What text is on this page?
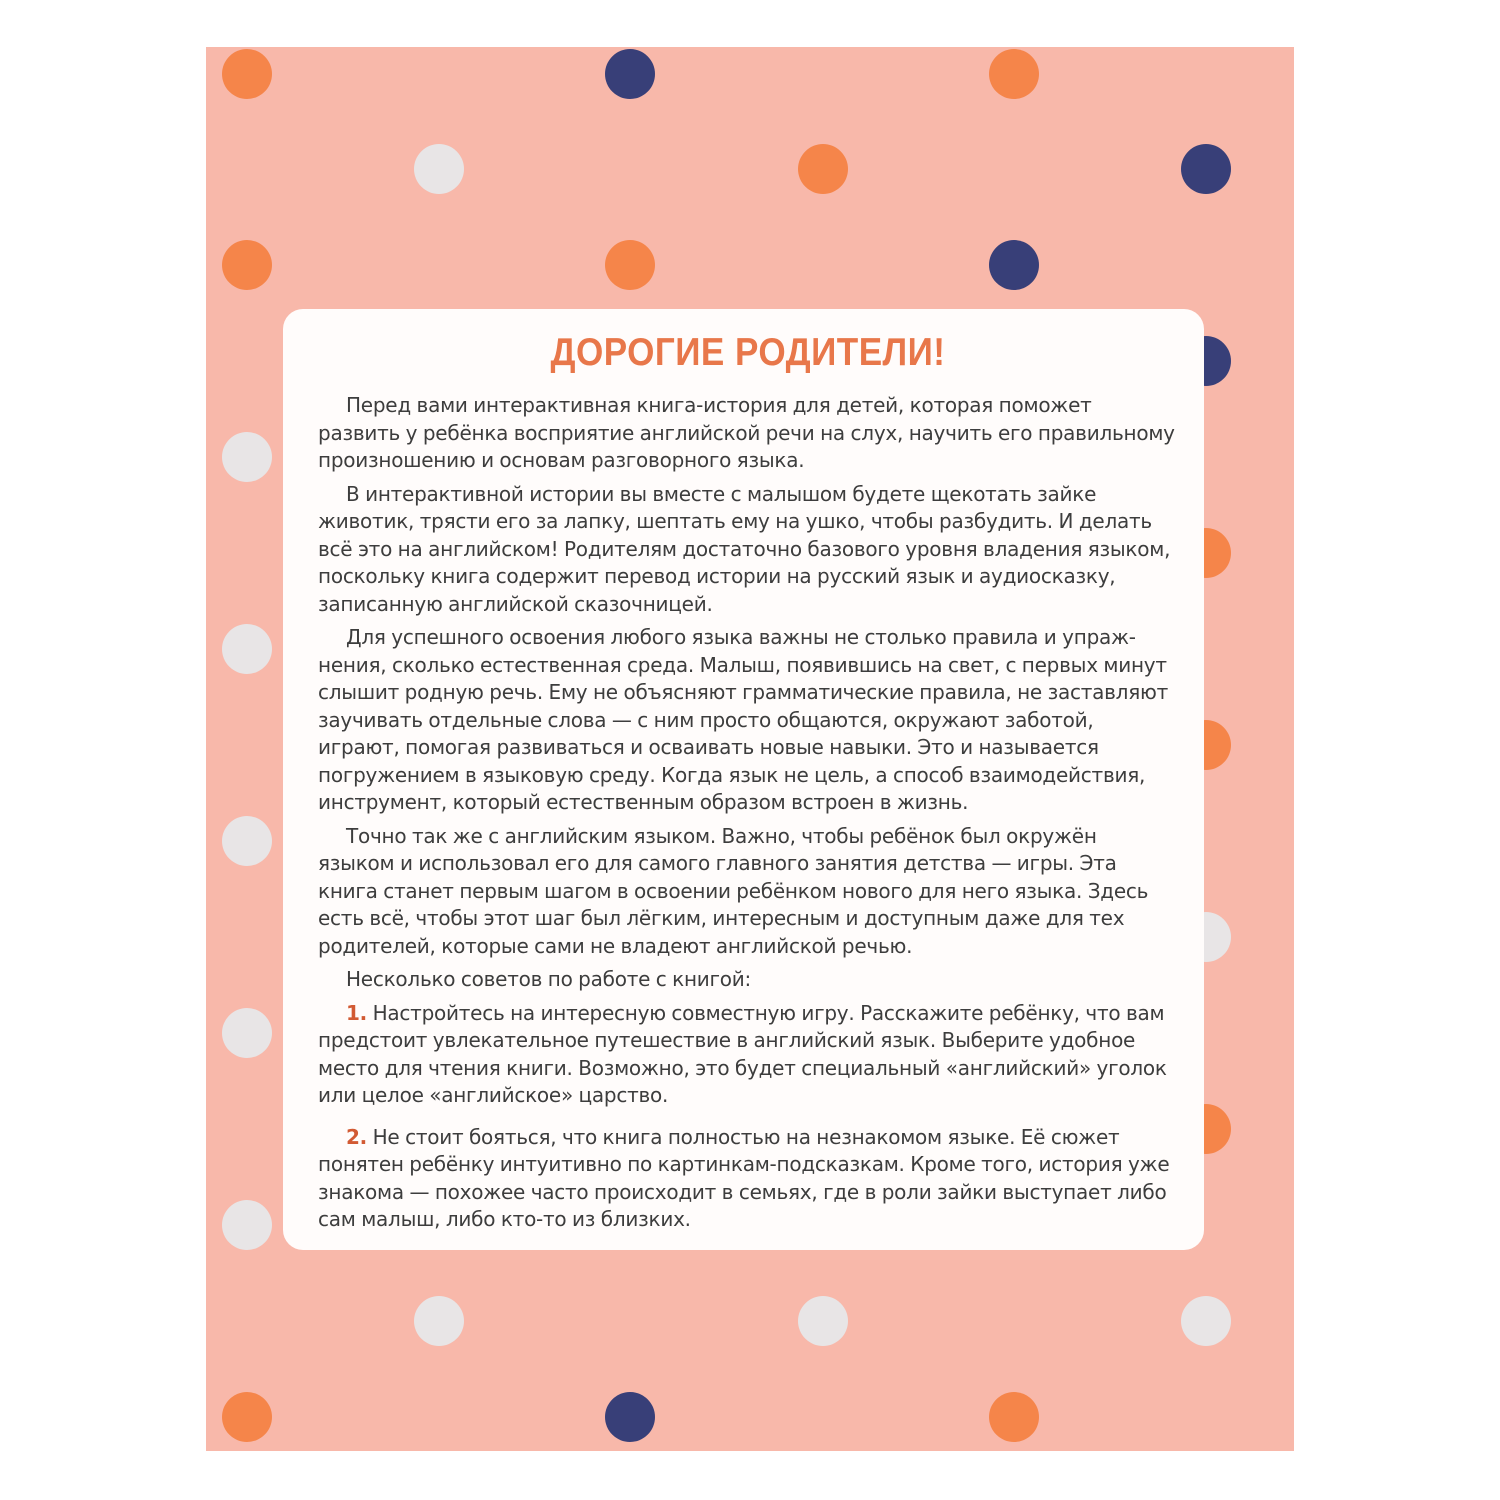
ДОРОГИЕ РОДИТЕЛИ!

Перед вами интерактивная книга-история для детей, которая поможет развить у ребёнка восприятие английской речи на слух, научить его правильному произношению и основам разговорного языка.

В интерактивной истории вы вместе с малышом будете щекотать зайке животик, трясти его за лапку, шептать ему на ушко, чтобы разбудить. И делать всё это на английском! Родителям достаточно базового уровня владения языком, поскольку книга содержит перевод истории на русский язык и аудиосказку, записанную английской сказочницей.

Для успешного освоения любого языка важны не столько правила и упражнения, сколько естественная среда. Малыш, появившись на свет, с первых минут слышит родную речь. Ему не объясняют грамматические правила, не заставляют заучивать отдельные слова — с ним просто общаются, окружают заботой, играют, помогая развиваться и осваивать новые навыки. Это и называется погружением в языковую среду. Когда язык не цель, а способ взаимодействия, инструмент, который естественным образом встроен в жизнь.

Точно так же с английским языком. Важно, чтобы ребёнок был окружён языком и использовал его для самого главного занятия детства — игры. Эта книга станет первым шагом в освоении ребёнком нового для него языка. Здесь есть всё, чтобы этот шаг был лёгким, интересным и доступным даже для тех родителей, которые сами не владеют английской речью.

Несколько советов по работе с книгой:

1. Настройтесь на интересную совместную игру. Расскажите ребёнку, что вам предстоит увлекательное путешествие в английский язык. Выберите удобное место для чтения книги. Возможно, это будет специальный «английский» уголок или целое «английское» царство.

2. Не стоит бояться, что книга полностью на незнакомом языке. Её сюжет понятен ребёнку интуитивно по картинкам-подсказкам. Кроме того, история уже знакома — похожее часто происходит в семьях, где в роли зайки выступает либо сам малыш, либо кто-то из близких.
